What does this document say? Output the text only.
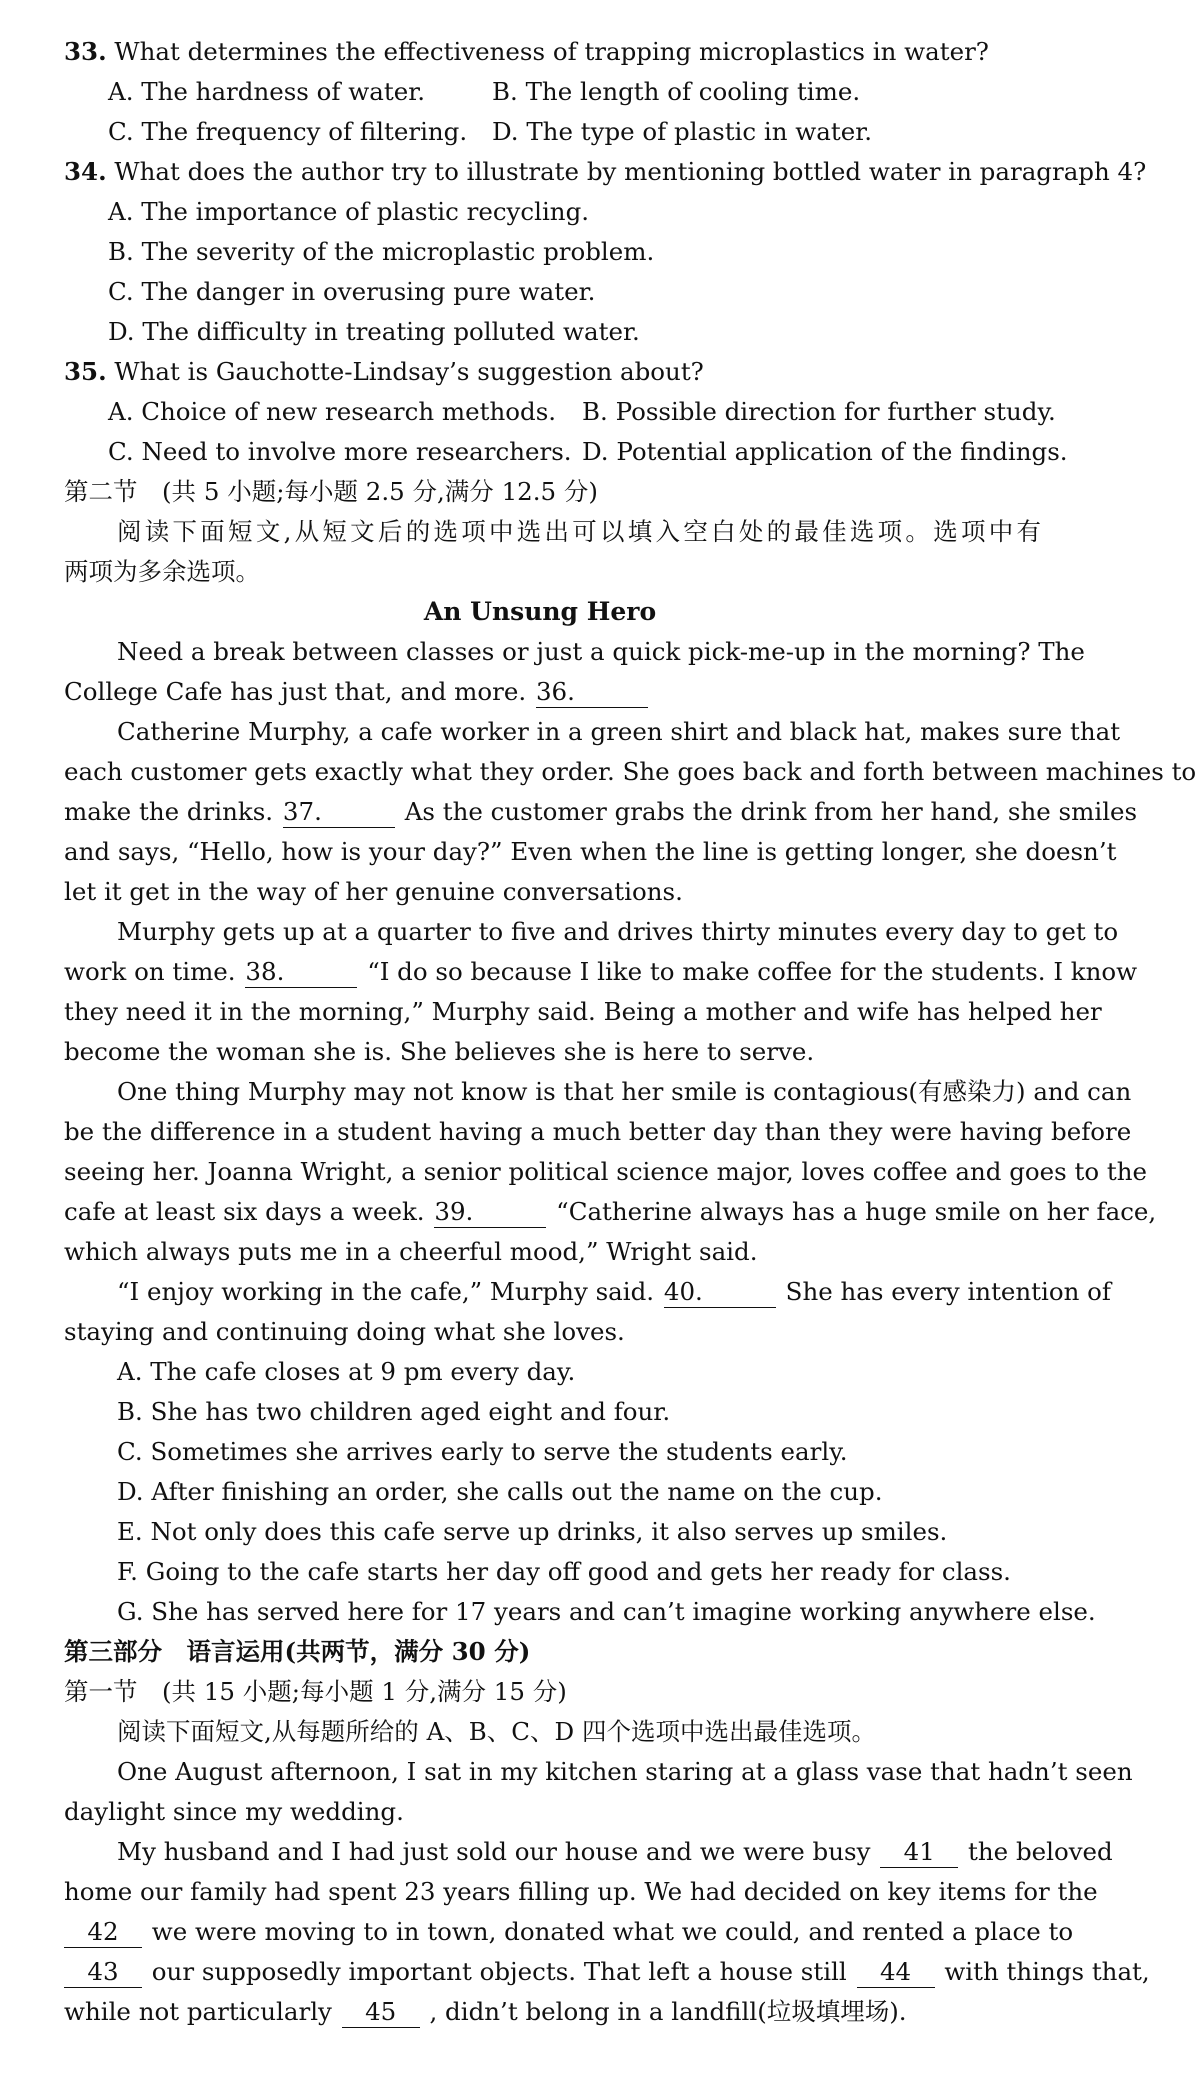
33. What determines the effectiveness of trapping microplastics in water?
A. The hardness of water.	B. The length of cooling time.
C. The frequency of filtering. D. The type of plastic in water.
34. What does the author try to illustrate by mentioning bottled water in paragraph 4?
A. The importance of plastic recycling.
B. The severity of the microplastic problem.
C. The danger in overusing pure water.
D. The difficulty in treating polluted water.
35. What is Gauchotte-Lindsay’s suggestion about?
A. Choice of new research methods. B. Possible direction for further study.
C. Need to involve more researchers. D. Potential application of the findings.
第二节　(共 5 小题;每小题 2.5 分,满分 12.5 分)
阅读下面短文,从短文后的选项中选出可以填入空白处的最佳选项。选项中有
两项为多余选项。
An Unsung Hero
Need a break between classes or just a quick pick-me-up in the morning? The
College Cafe has just that, and more. 36.
Catherine Murphy, a cafe worker in a green shirt and black hat, makes sure that
each customer gets exactly what they order. She goes back and forth between machines to
make the drinks. 37.	As the customer grabs the drink from her hand, she smiles
and says, “Hello, how is your day?” Even when the line is getting longer, she doesn’t
let it get in the way of her genuine conversations.
Murphy gets up at a quarter to five and drives thirty minutes every day to get to
work on time. 38.	“I do so because I like to make coffee for the students. I know
they need it in the morning,” Murphy said. Being a mother and wife has helped her
become the woman she is. She believes she is here to serve.
One thing Murphy may not know is that her smile is contagious(有感染力) and can
be the difference in a student having a much better day than they were having before
seeing her. Joanna Wright, a senior political science major, loves coffee and goes to the
cafe at least six days a week. 39.	“Catherine always has a huge smile on her face,
which always puts me in a cheerful mood,” Wright said.
“I enjoy working in the cafe,” Murphy said. 40.	She has every intention of
staying and continuing doing what she loves.
A. The cafe closes at 9 pm every day.
B. She has two children aged eight and four.
C. Sometimes she arrives early to serve the students early.
D. After finishing an order, she calls out the name on the cup.
E. Not only does this cafe serve up drinks, it also serves up smiles.
F. Going to the cafe starts her day off good and gets her ready for class.
G. She has served here for 17 years and can’t imagine working anywhere else.
第三部分　语言运用(共两节，满分 30 分)
第一节　(共 15 小题;每小题 1 分,满分 15 分)
阅读下面短文,从每题所给的 A、B、C、D 四个选项中选出最佳选项。
One August afternoon, I sat in my kitchen staring at a glass vase that hadn’t seen
daylight since my wedding.
My husband and I had just sold our house and we were busy 41 the beloved
home our family had spent 23 years filling up. We had decided on key items for the
42 we were moving to in town, donated what we could, and rented a place to
43 our supposedly important objects. That left a house still 44 with things that,
while not particularly 45 , didn’t belong in a landfill(垃圾填埋场).
